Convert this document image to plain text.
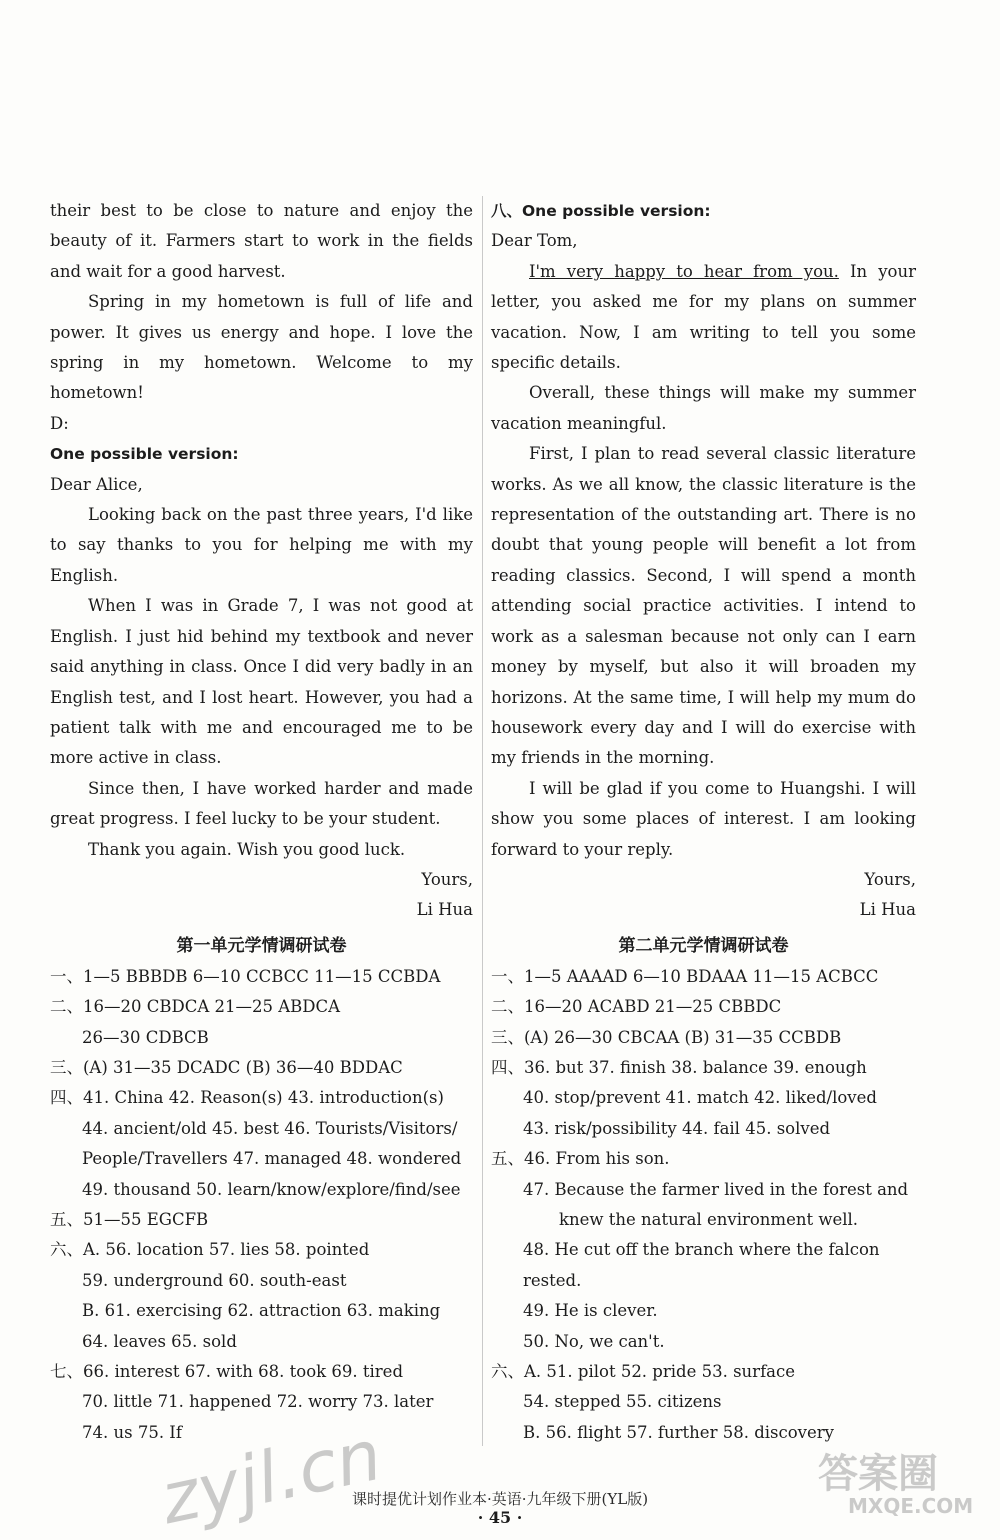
their best to be close to nature and enjoy the beauty of it. Farmers start to work in the fields and wait for a good harvest.
Spring in my hometown is full of life and power. It gives us energy and hope. I love the spring in my hometown. Welcome to my hometown!
D:
One possible version:
Dear Alice,
Looking back on the past three years, I'd like to say thanks to you for helping me with my English.
When I was in Grade 7, I was not good at English. I just hid behind my textbook and never said anything in class. Once I did very badly in an English test, and I lost heart. However, you had a patient talk with me and encouraged me to be more active in class.
Since then, I have worked harder and made great progress. I feel lucky to be your student.
Thank you again. Wish you good luck.
Yours,
Li Hua
第一单元学情调研试卷
一、1—5 BBBDB 6—10 CCBCC 11—15 CCBDA
二、16—20 CBDCA 21—25 ABDCA
26—30 CDBCB
三、(A) 31—35 DCADC (B) 36—40 BDDAC
四、41. China 42. Reason(s) 43. introduction(s)
44. ancient/old 45. best 46. Tourists/Visitors/
People/Travellers 47. managed 48. wondered
49. thousand 50. learn/know/explore/find/see
五、51—55 EGCFB
六、A. 56. location 57. lies 58. pointed
59. underground 60. south-east
B. 61. exercising 62. attraction 63. making
64. leaves 65. sold
七、66. interest 67. with 68. took 69. tired
70. little 71. happened 72. worry 73. later
74. us 75. If
八、One possible version:
Dear Tom,
I'm very happy to hear from you. In your letter, you asked me for my plans on summer vacation. Now, I am writing to tell you some specific details.
Overall, these things will make my summer vacation meaningful.
First, I plan to read several classic literature works. As we all know, the classic literature is the representation of the outstanding art. There is no doubt that young people will benefit a lot from reading classics. Second, I will spend a month attending social practice activities. I intend to work as a salesman because not only can I earn money by myself, but also it will broaden my horizons. At the same time, I will help my mum do housework every day and I will do exercise with my friends in the morning.
I will be glad if you come to Huangshi. I will show you some places of interest. I am looking forward to your reply.
Yours,
Li Hua
第二单元学情调研试卷
一、1—5 AAAAD 6—10 BDAAA 11—15 ACBCC
二、16—20 ACABD 21—25 CBBDC
三、(A) 26—30 CBCAA (B) 31—35 CCBDB
四、36. but 37. finish 38. balance 39. enough
40. stop/prevent 41. match 42. liked/loved
43. risk/possibility 44. fail 45. solved
五、46. From his son.
47. Because the farmer lived in the forest and knew the natural environment well.
48. He cut off the branch where the falcon rested.
49. He is clever.
50. No, we can't.
六、A. 51. pilot 52. pride 53. surface
54. stepped 55. citizens
B. 56. flight 57. further 58. discovery
课时提优计划作业本·英语·九年级下册(YL版)
· 45 ·
zyjl.cn	答案圈
MXQE.COM
